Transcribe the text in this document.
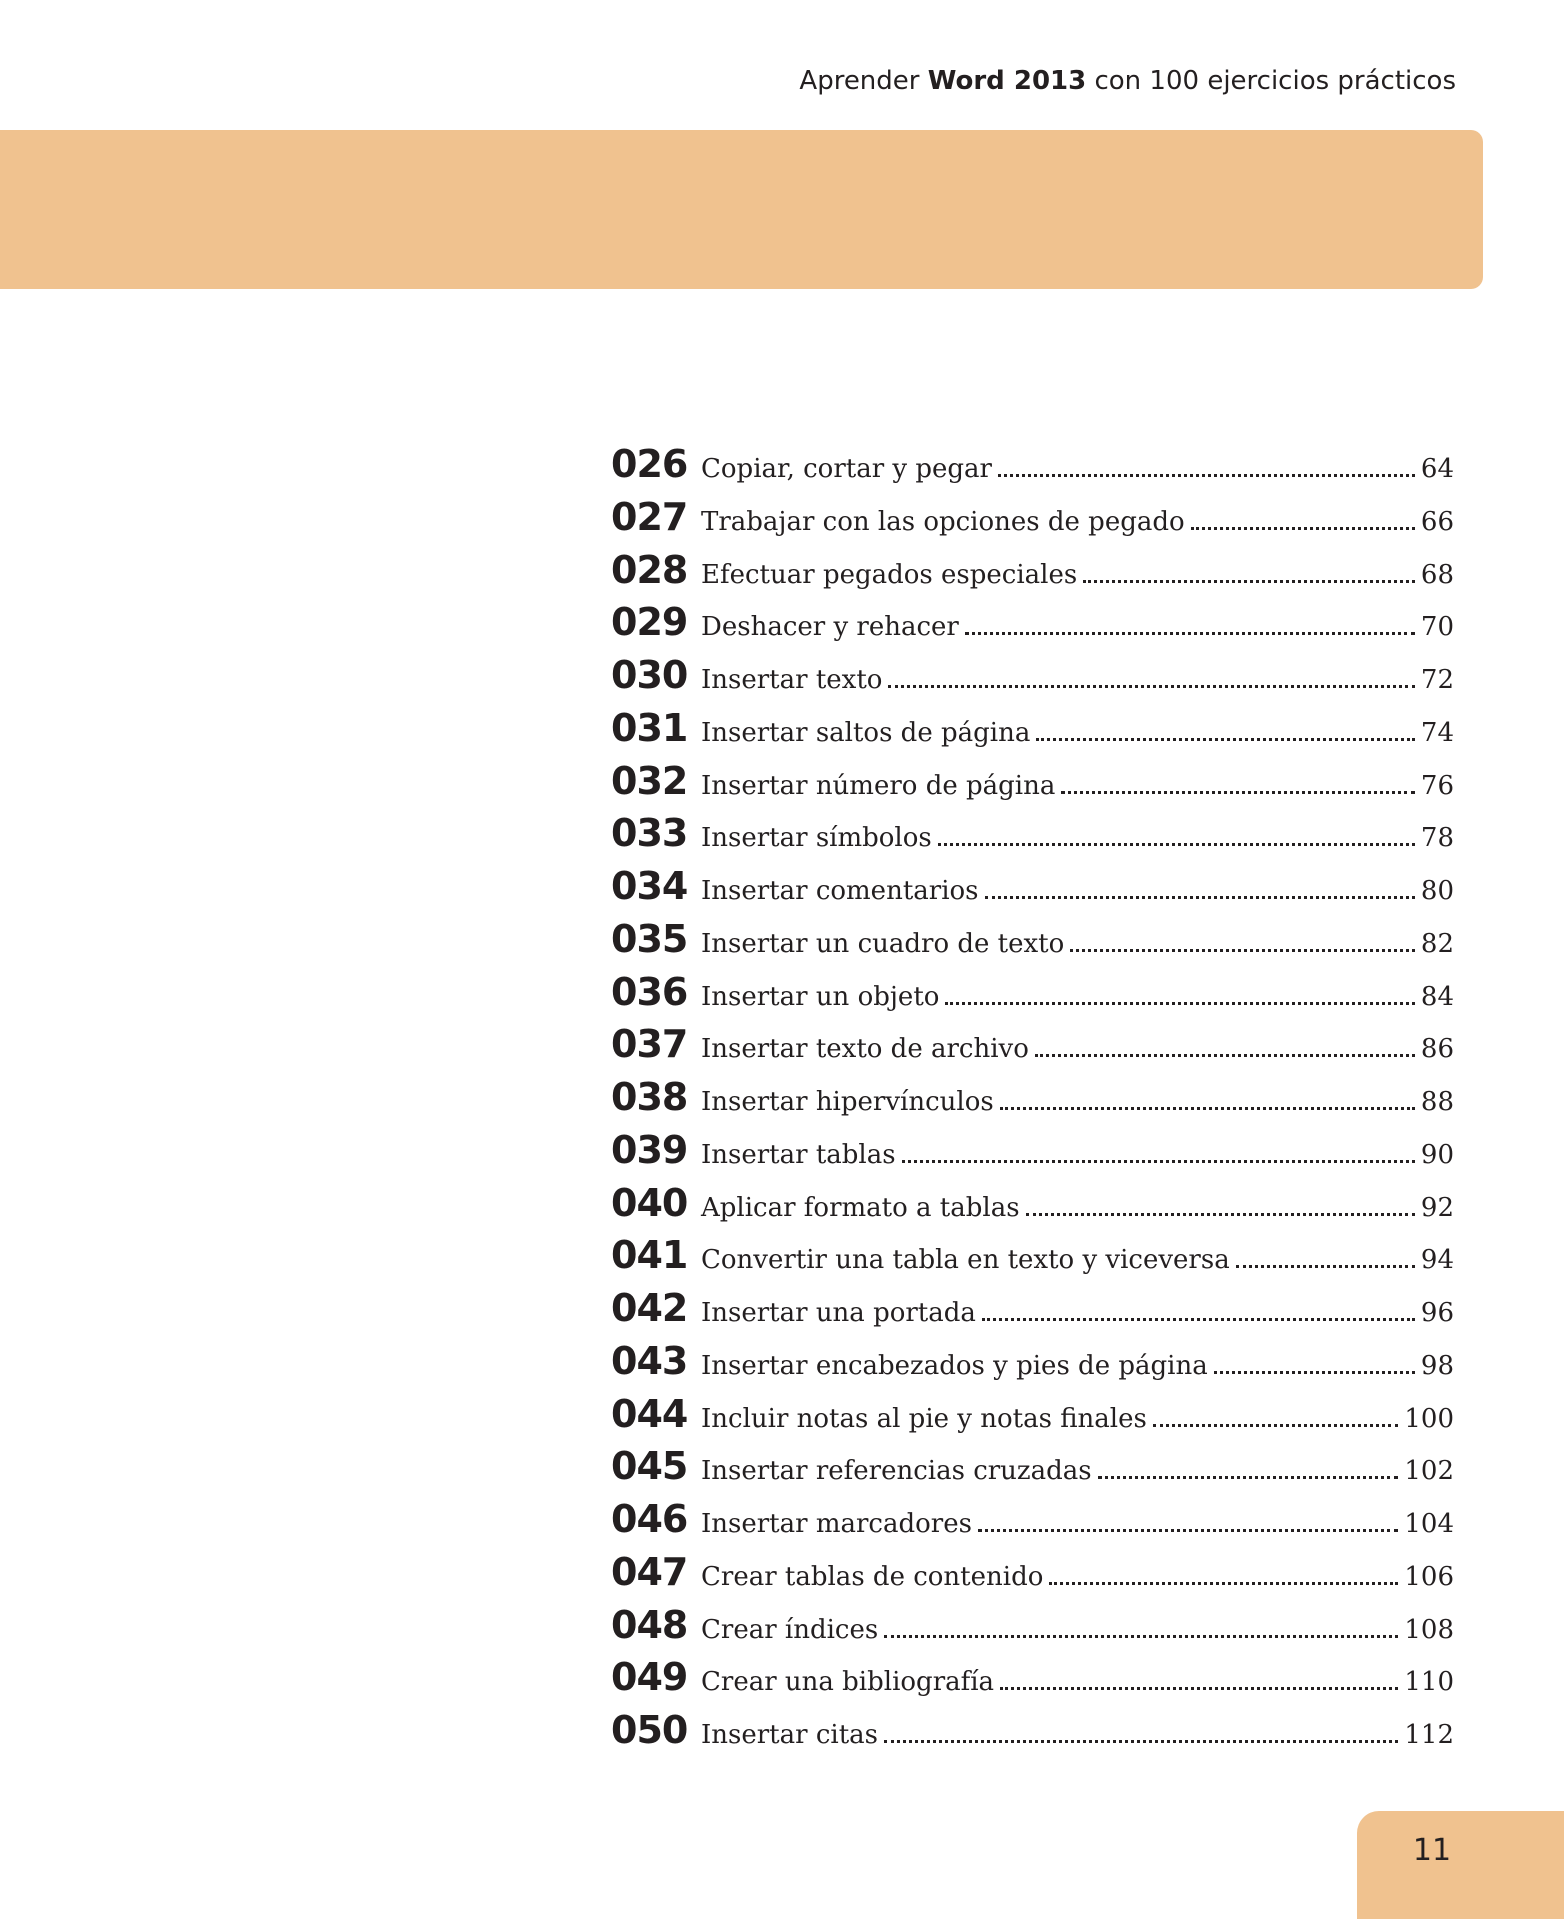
Aprender Word 2013 con 100 ejercicios prácticos
026 Copiar, cortar y pegar	64
027 Trabajar con las opciones de pegado	66
028 Efectuar pegados especiales	68
029 Deshacer y rehacer	70
030 Insertar texto	72
031 Insertar saltos de página	74
032 Insertar número de página	76
033 Insertar símbolos	78
034 Insertar comentarios	80
035 Insertar un cuadro de texto	82
036 Insertar un objeto	84
037 Insertar texto de archivo	86
038 Insertar hipervínculos	88
039 Insertar tablas	90
040 Aplicar formato a tablas	92
041 Convertir una tabla en texto y viceversa	94
042 Insertar una portada	96
043 Insertar encabezados y pies de página	98
044 Incluir notas al pie y notas finales	100
045 Insertar referencias cruzadas	102
046 Insertar marcadores	104
047 Crear tablas de contenido	106
048 Crear índices	108
049 Crear una bibliografía	110
050 Insertar citas	112
11
